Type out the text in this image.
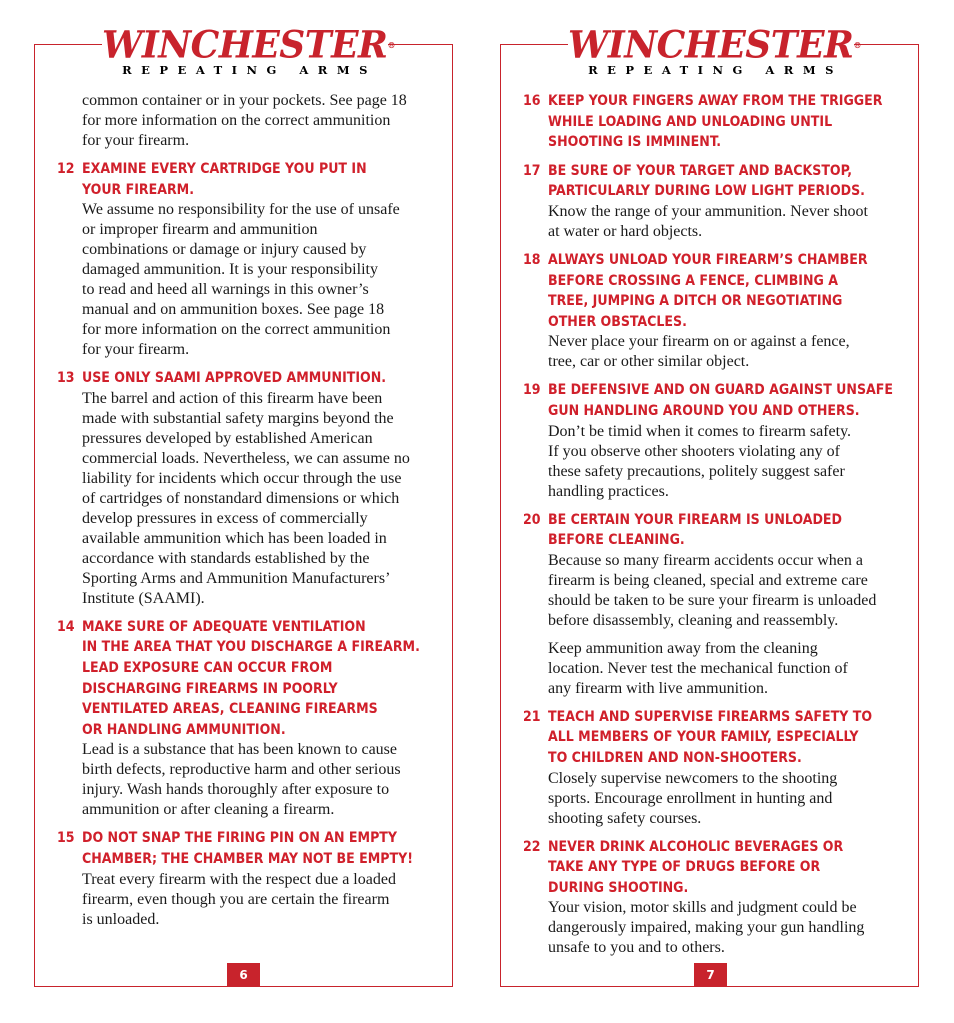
WINCHESTER®
REPEATING ARMS
common container or in your pockets. See page 18
for more information on the correct ammunition
for your firearm.
12 EXAMINE EVERY CARTRIDGE YOU PUT IN
YOUR FIREARM.
We assume no responsibility for the use of unsafe
or improper firearm and ammunition
combinations or damage or injury caused by
damaged ammunition. It is your responsibility
to read and heed all warnings in this owner’s
manual and on ammunition boxes. See page 18
for more information on the correct ammunition
for your firearm.
13 USE ONLY SAAMI APPROVED AMMUNITION.
The barrel and action of this firearm have been
made with substantial safety margins beyond the
pressures developed by established American
commercial loads. Nevertheless, we can assume no
liability for incidents which occur through the use
of cartridges of nonstandard dimensions or which
develop pressures in excess of commercially
available ammunition which has been loaded in
accordance with standards established by the
Sporting Arms and Ammunition Manufacturers’
Institute (SAAMI).
14 MAKE SURE OF ADEQUATE VENTILATION
IN THE AREA THAT YOU DISCHARGE A FIREARM.
LEAD EXPOSURE CAN OCCUR FROM
DISCHARGING FIREARMS IN POORLY
VENTILATED AREAS, CLEANING FIREARMS
OR HANDLING AMMUNITION.
Lead is a substance that has been known to cause
birth defects, reproductive harm and other serious
injury. Wash hands thoroughly after exposure to
ammunition or after cleaning a firearm.
15 DO NOT SNAP THE FIRING PIN ON AN EMPTY
CHAMBER; THE CHAMBER MAY NOT BE EMPTY!
Treat every firearm with the respect due a loaded
firearm, even though you are certain the firearm
is unloaded.
6
WINCHESTER®
REPEATING ARMS
16 KEEP YOUR FINGERS AWAY FROM THE TRIGGER
WHILE LOADING AND UNLOADING UNTIL
SHOOTING IS IMMINENT.
17 BE SURE OF YOUR TARGET AND BACKSTOP,
PARTICULARLY DURING LOW LIGHT PERIODS.
Know the range of your ammunition. Never shoot
at water or hard objects.
18 ALWAYS UNLOAD YOUR FIREARM’S CHAMBER
BEFORE CROSSING A FENCE, CLIMBING A
TREE, JUMPING A DITCH OR NEGOTIATING
OTHER OBSTACLES.
Never place your firearm on or against a fence,
tree, car or other similar object.
19 BE DEFENSIVE AND ON GUARD AGAINST UNSAFE
GUN HANDLING AROUND YOU AND OTHERS.
Don’t be timid when it comes to firearm safety.
If you observe other shooters violating any of
these safety precautions, politely suggest safer
handling practices.
20 BE CERTAIN YOUR FIREARM IS UNLOADED
BEFORE CLEANING.
Because so many firearm accidents occur when a
firearm is being cleaned, special and extreme care
should be taken to be sure your firearm is unloaded
before disassembly, cleaning and reassembly.
Keep ammunition away from the cleaning
location. Never test the mechanical function of
any firearm with live ammunition.
21 TEACH AND SUPERVISE FIREARMS SAFETY TO
ALL MEMBERS OF YOUR FAMILY, ESPECIALLY
TO CHILDREN AND NON-SHOOTERS.
Closely supervise newcomers to the shooting
sports. Encourage enrollment in hunting and
shooting safety courses.
22 NEVER DRINK ALCOHOLIC BEVERAGES OR
TAKE ANY TYPE OF DRUGS BEFORE OR
DURING SHOOTING.
Your vision, motor skills and judgment could be
dangerously impaired, making your gun handling
unsafe to you and to others.
7
